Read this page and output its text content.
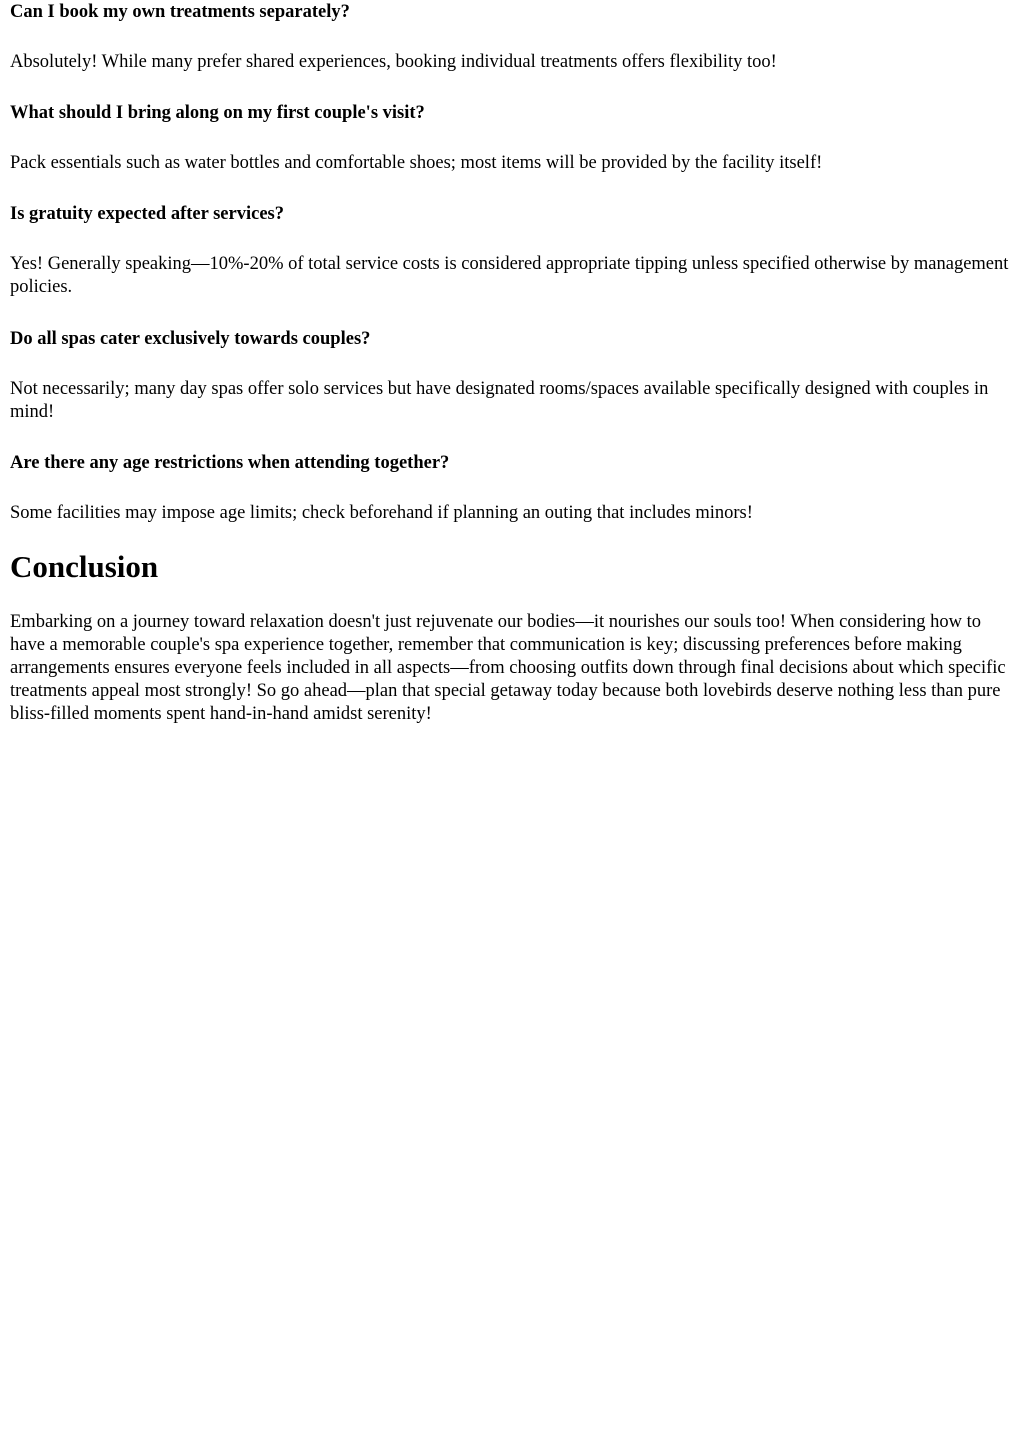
Can I book my own treatments separately?

Absolutely! While many prefer shared experiences, booking individual treatments offers flexibility too!

What should I bring along on my first couple's visit?

Pack essentials such as water bottles and comfortable shoes; most items will be provided by the facility itself!

Is gratuity expected after services?

Yes! Generally speaking—10%-20% of total service costs is considered appropriate tipping unless specified otherwise by management policies.

Do all spas cater exclusively towards couples?

Not necessarily; many day spas offer solo services but have designated rooms/spaces available specifically designed with couples in mind!

Are there any age restrictions when attending together?

Some facilities may impose age limits; check beforehand if planning an outing that includes minors!

Conclusion

Embarking on a journey toward relaxation doesn't just rejuvenate our bodies—it nourishes our souls too! When considering how to have a memorable couple's spa experience together, remember that communication is key; discussing preferences before making arrangements ensures everyone feels included in all aspects—from choosing outfits down through final decisions about which specific treatments appeal most strongly! So go ahead—plan that special getaway today because both lovebirds deserve nothing less than pure bliss-filled moments spent hand-in-hand amidst serenity!
